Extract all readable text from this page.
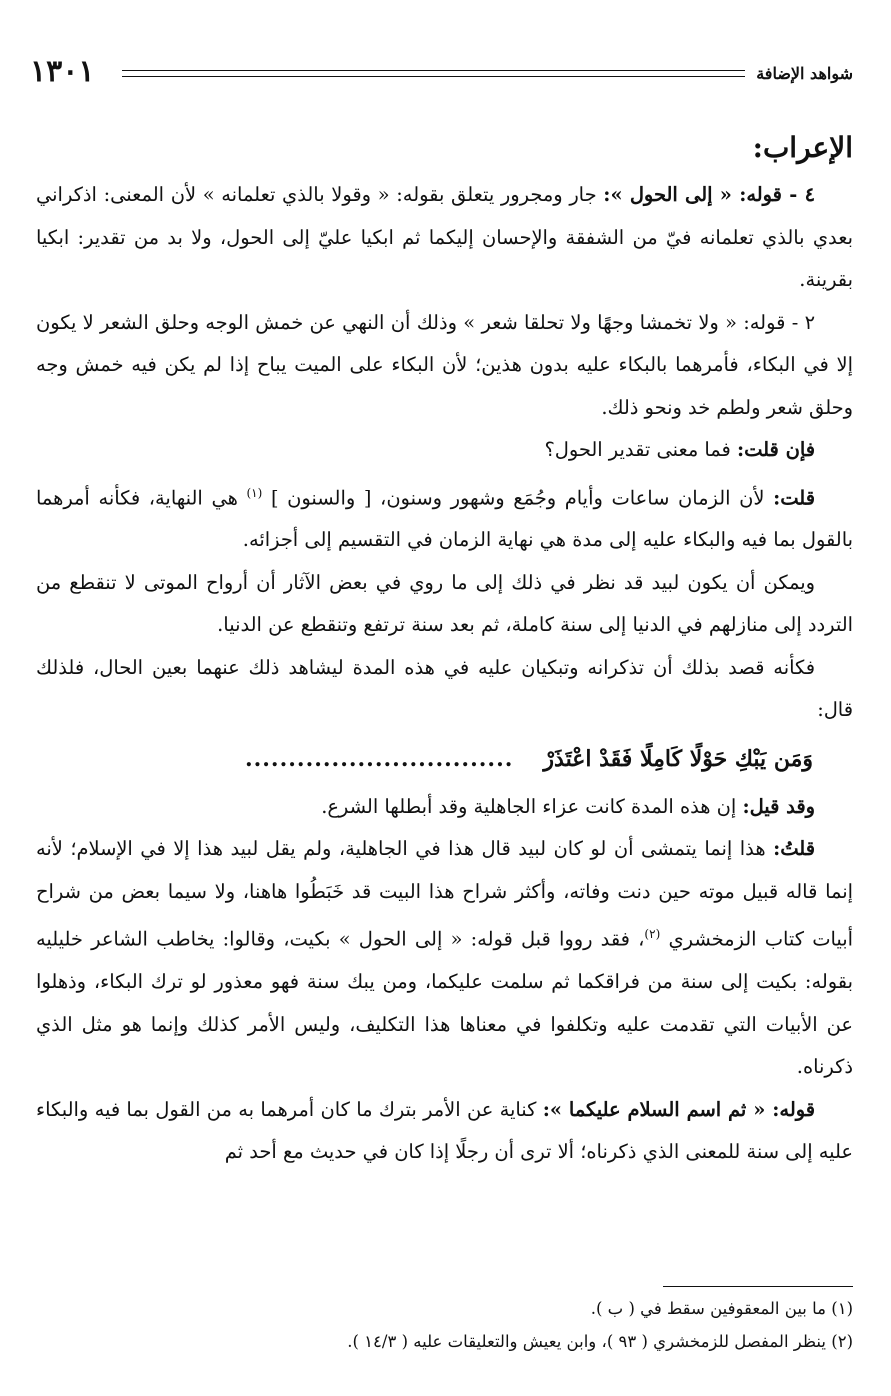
١٣٠١	شواهد الإضافة
الإعراب:

٤ - قوله: « إلى الحول »: جار ومجرور يتعلق بقوله: « وقولا بالذي تعلمانه » لأن المعنى: اذكراني بعدي بالذي تعلمانه فيّ من الشفقة والإحسان إليكما ثم ابكيا عليّ إلى الحول، ولا بد من تقدير: ابكيا بقرينة.

٢ - قوله: « ولا تخمشا وجهًا ولا تحلقا شعر » وذلك أن النهي عن خمش الوجه وحلق الشعر لا يكون إلا في البكاء، فأمرهما بالبكاء عليه بدون هذين؛ لأن البكاء على الميت يباح إذا لم يكن فيه خمش وجه وحلق شعر ولطم خد ونحو ذلك.

فإن قلت: فما معنى تقدير الحول؟

قلت: لأن الزمان ساعات وأيام وجُمَع وشهور وسنون، [ والسنون ] $^{(١)}$ هي النهاية، فكأنه أمرهما بالقول بما فيه والبكاء عليه إلى مدة هي نهاية الزمان في التقسيم إلى أجزائه.

ويمكن أن يكون لبيد قد نظر في ذلك إلى ما روي في بعض الآثار أن أرواح الموتى لا تنقطع من التردد إلى منازلهم في الدنيا إلى سنة كاملة، ثم بعد سنة ترتفع وتنقطع عن الدنيا.

فكأنه قصد بذلك أن تذكرانه وتبكيان عليه في هذه المدة ليشاهد ذلك عنهما بعين الحال، فلذلك قال:

وَمَن يَبْكِ حَوْلًا كَامِلًا فَقَدْ اعْتَذَرْ
...............................

وقد قيل: إن هذه المدة كانت عزاء الجاهلية وقد أبطلها الشرع.

قلتُ: هذا إنما يتمشى أن لو كان لبيد قال هذا في الجاهلية، ولم يقل لبيد هذا إلا في الإسلام؛ لأنه إنما قاله قبيل موته حين دنت وفاته، وأكثر شراح هذا البيت قد خَبَطُوا هاهنا، ولا سيما بعض من شراح أبيات كتاب الزمخشري $^{(٢)}$، فقد رووا قبل قوله: « إلى الحول » بكيت، وقالوا: يخاطب الشاعر خليليه بقوله: بكيت إلى سنة من فراقكما ثم سلمت عليكما، ومن يبك سنة فهو معذور لو ترك البكاء، وذهلوا عن الأبيات التي تقدمت عليه وتكلفوا في معناها هذا التكليف، وليس الأمر كذلك وإنما هو مثل الذي ذكرناه.

قوله: « ثم اسم السلام عليكما »: كناية عن الأمر بترك ما كان أمرهما به من القول بما فيه والبكاء عليه إلى سنة للمعنى الذي ذكرناه؛ ألا ترى أن رجلًا إذا كان في حديث مع أحد ثم

(١) ما بين المعقوفين سقط في ( ب ).

(٢) ينظر المفصل للزمخشري ( ٩٣ )، وابن يعيش والتعليقات عليه ( ١٤/٣ ).
